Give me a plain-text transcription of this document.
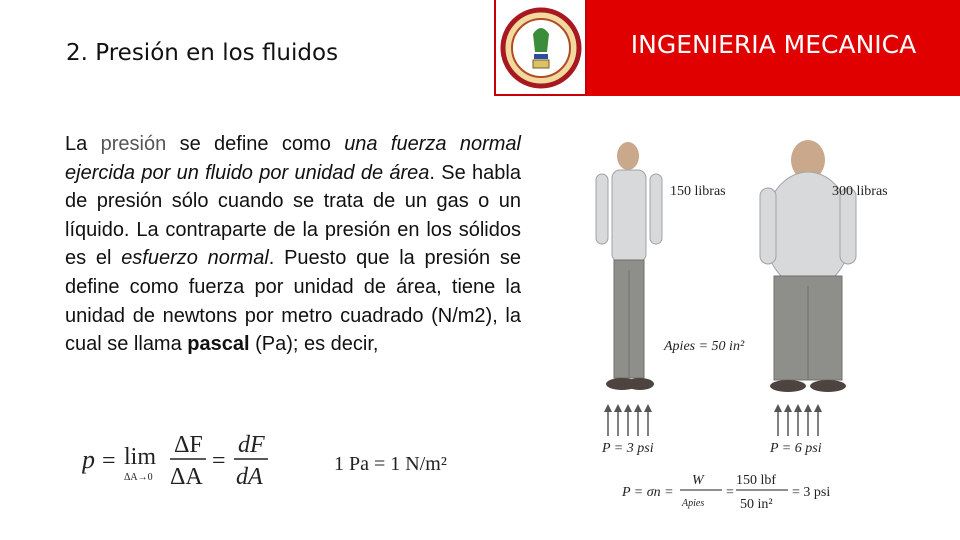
2. Presión en los fluidos	INGENIERIA MECANICA
La presión se define como una fuerza normal ejercida por un fluido por unidad de área. Se habla de presión sólo cuando se trata de un gas o un líquido. La contraparte de la presión en los sólidos es el esfuerzo normal. Puesto que la presión se define como fuerza por unidad de área, tiene la unidad de newtons por metro cuadrado (N/m2), la cual se llama pascal (Pa); es decir,
p = lim
ΔA→0
ΔF
ΔA
=
dF
dA	1 Pa = 1 N/m²
150 libras	300 libras
Apies = 50 in²
P = 3 psi	P = 6 psi
P = σn =
W
Apies
=
150 lbf
50 in²
= 3 psi
